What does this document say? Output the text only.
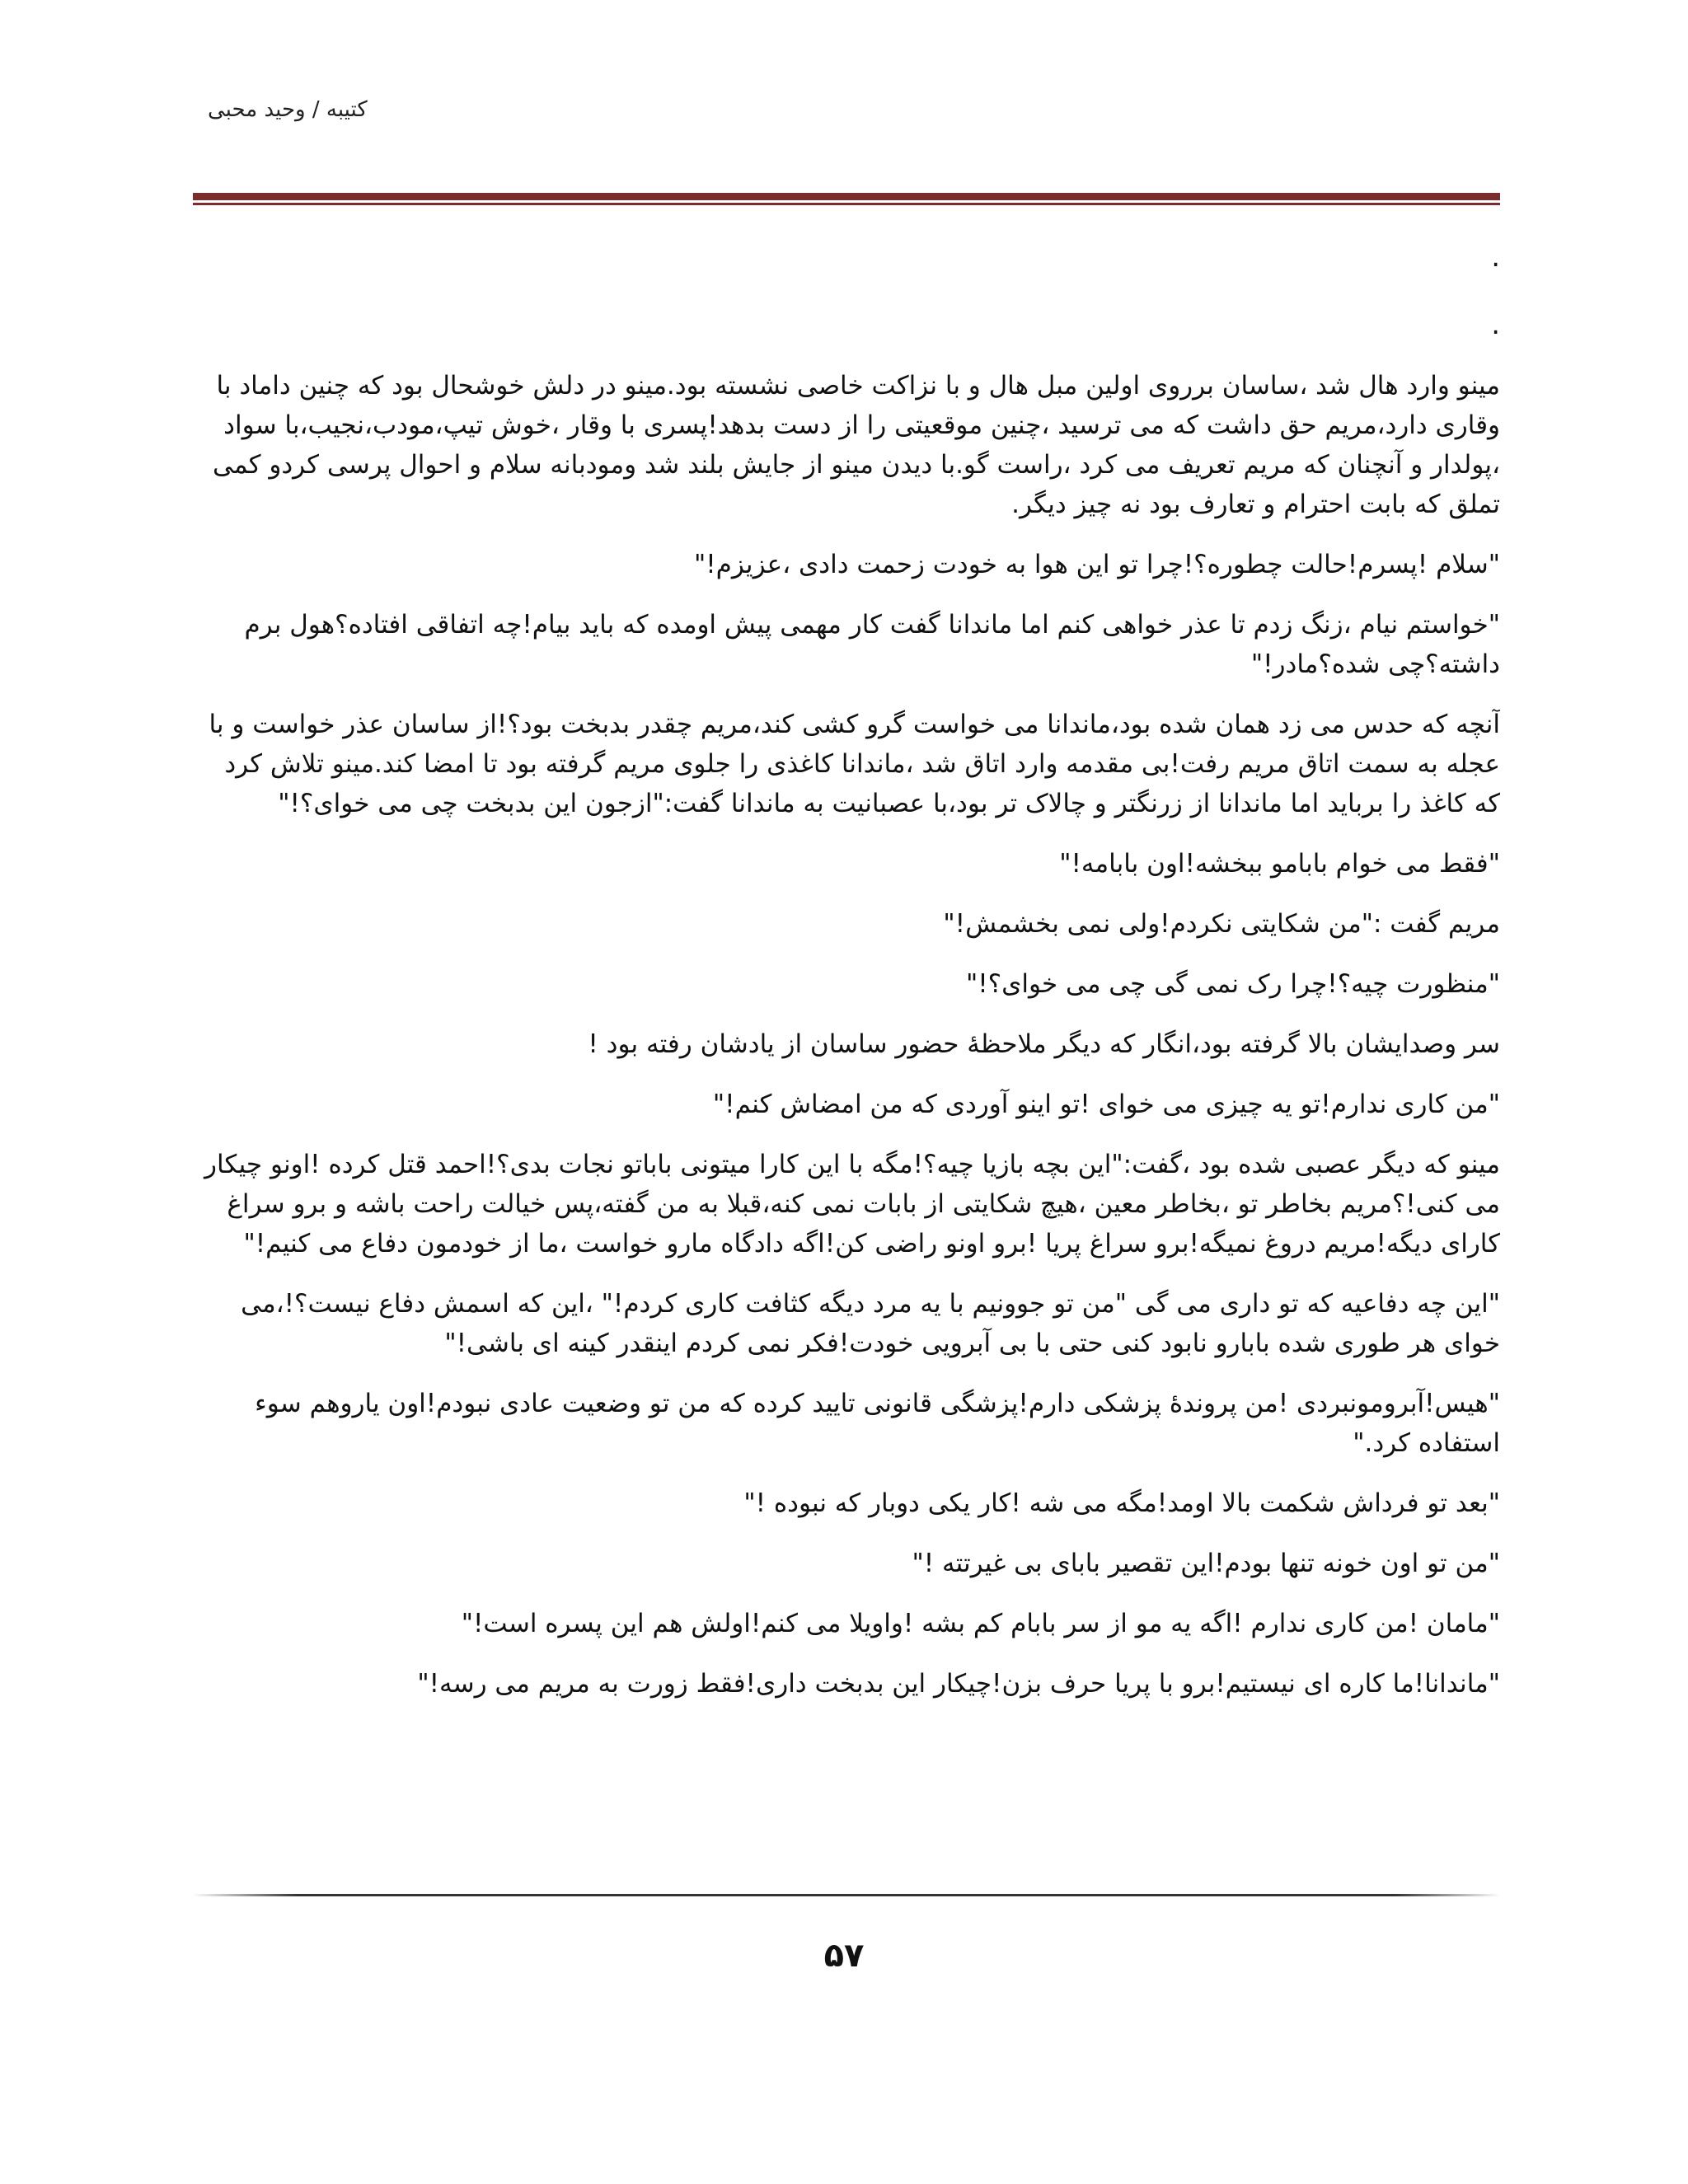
کتیبه / وحید محبی
.
.

مینو وارد هال شد ،ساسان برروی اولین مبل هال و با نزاکت خاصی نشسته بود.مینو در دلش خوشحال بود که چنین داماد با وقاری دارد،مریم حق داشت که می ترسید ،چنین موقعیتی را از دست بدهد!پسری با وقار ،خوش تیپ،مودب،نجیب،با سواد ،پولدار و آنچنان که مریم تعریف می کرد ،راست گو.با دیدن مینو از جایش بلند شد ومودبانه سلام و احوال پرسی کردو کمی تملق که بابت احترام و تعارف بود نه چیز دیگر.

"سلام !پسرم!حالت چطوره؟!چرا تو این هوا به خودت زحمت دادی ،عزیزم!"

"خواستم نیام ،زنگ زدم تا عذر خواهی کنم اما ماندانا گفت کار مهمی پیش اومده که باید بیام!چه اتفاقی افتاده؟هول برم داشته؟چی شده؟مادر!"

آنچه که حدس می زد همان شده بود،ماندانا می خواست گرو کشی کند،مریم چقدر بدبخت بود؟!از ساسان عذر خواست و با عجله به سمت اتاق مریم رفت!بی مقدمه وارد اتاق شد ،ماندانا کاغذی را جلوی مریم گرفته بود تا امضا کند.مینو تلاش کرد که کاغذ را برباید اما ماندانا از زرنگتر و چالاک تر بود،با عصبانیت به ماندانا گفت:"ازجون این بدبخت چی می خوای؟!"

"فقط می خوام بابامو ببخشه!اون بابامه!"

مریم گفت :"من شکایتی نکردم!ولی نمی بخشمش!"

"منظورت چیه؟!چرا رک نمی گی چی می خوای؟!"

سر وصدایشان بالا گرفته بود،انگار که دیگر ملاحظهٔ حضور ساسان از یادشان رفته بود !

"من کاری ندارم!تو یه چیزی می خوای !تو اینو آوردی که من امضاش کنم!"

مینو که دیگر عصبی شده بود ،گفت:"این بچه بازیا چیه؟!مگه با این کارا میتونی باباتو نجات بدی؟!احمد قتل کرده !اونو چیکار می کنی!؟مریم بخاطر تو ،بخاطر معین ،هیچ شکایتی از بابات نمی کنه،قبلا به من گفته،پس خیالت راحت باشه و برو سراغ کارای دیگه!مریم دروغ نمیگه!برو سراغ پریا !برو اونو راضی کن!اگه دادگاه مارو خواست ،ما از خودمون دفاع می کنیم!"

"این چه دفاعیه که تو داری می گی "من تو جوونیم با یه مرد دیگه کثافت کاری کردم!" ،این که اسمش دفاع نیست؟!،می خوای هر طوری شده بابارو نابود کنی حتی با بی آبرویی خودت!فکر نمی کردم اینقدر کینه ای باشی!"

"هیس!آبرومونبردی !من پروندهٔ پزشکی دارم!پزشگی قانونی تایید کرده که من تو وضعیت عادی نبودم!اون یاروهم سوء استفاده کرد."

"بعد تو فرداش شکمت بالا اومد!مگه می شه !کار یکی دوبار که نبوده !"

"من تو اون خونه تنها بودم!این تقصیر بابای بی غیرتته !"

"مامان !من کاری ندارم !اگه یه مو از سر بابام کم بشه !واویلا می کنم!اولش هم این پسره است!"

"ماندانا!ما کاره ای نیستیم!برو با پریا حرف بزن!چیکار این بدبخت داری!فقط زورت به مریم می رسه!"

۵۷
